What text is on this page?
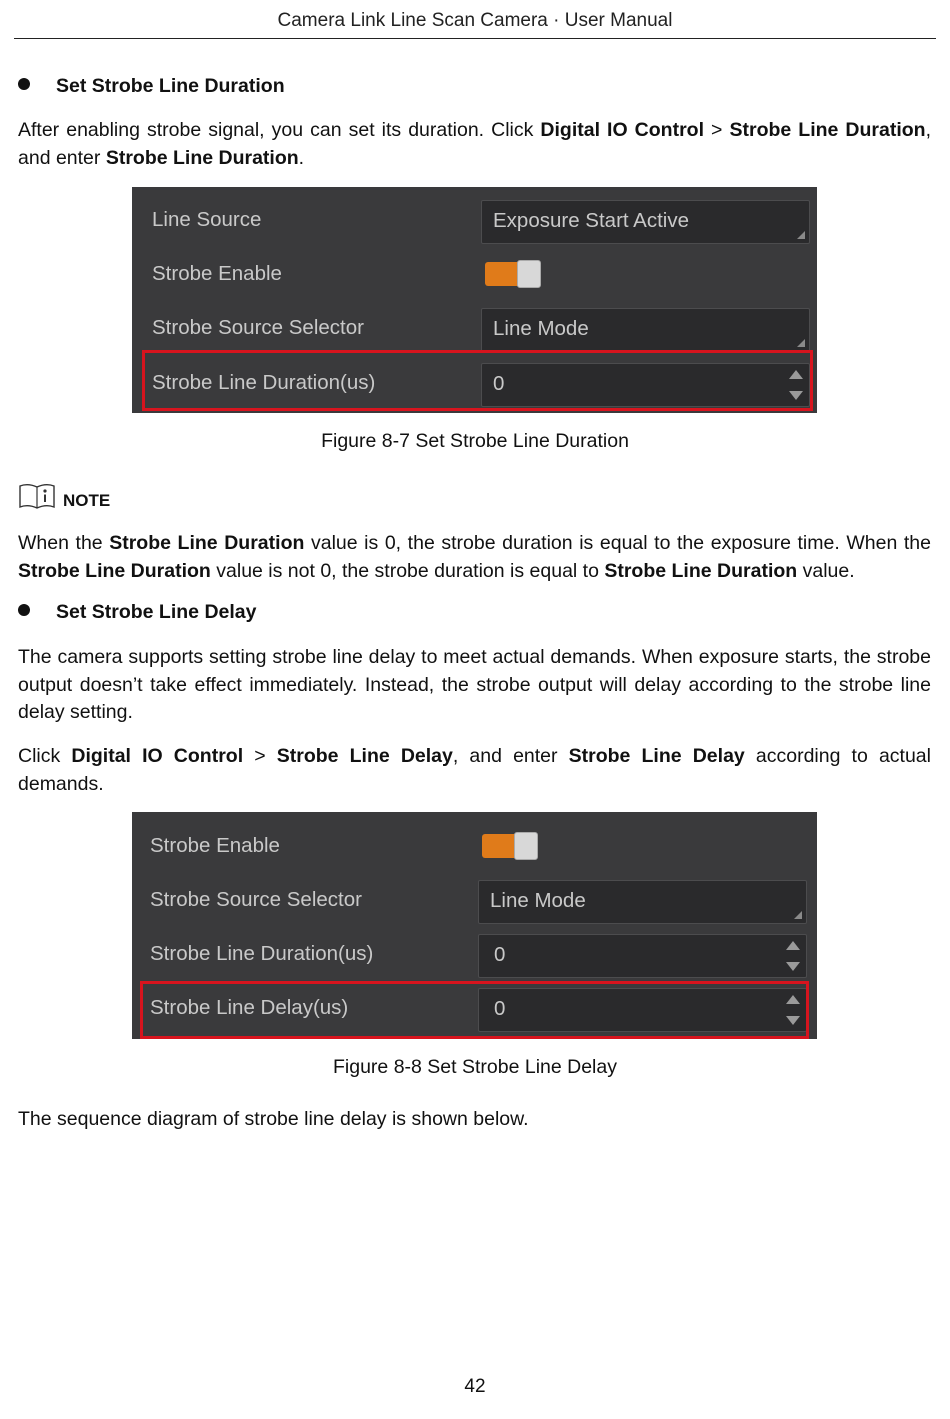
Camera Link Line Scan Camera · User Manual
Set Strobe Line Duration
After enabling strobe signal, you can set its duration. Click Digital IO Control > Strobe Line Duration, and enter Strobe Line Duration.
Line Source	Exposure Start Active
Strobe Enable
Strobe Source Selector	Line Mode
Strobe Line Duration(us)	0
Figure 8-7 Set Strobe Line Duration
NOTE
When the Strobe Line Duration value is 0, the strobe duration is equal to the exposure time. When the Strobe Line Duration value is not 0, the strobe duration is equal to Strobe Line Duration value.
Set Strobe Line Delay
The camera supports setting strobe line delay to meet actual demands. When exposure starts, the strobe output doesn’t take effect immediately. Instead, the strobe output will delay according to the strobe line delay setting.
Click Digital IO Control > Strobe Line Delay, and enter Strobe Line Delay according to actual demands.
Strobe Enable
Strobe Source Selector	Line Mode
Strobe Line Duration(us)	0
Strobe Line Delay(us)	0
Figure 8-8 Set Strobe Line Delay
The sequence diagram of strobe line delay is shown below.
42
